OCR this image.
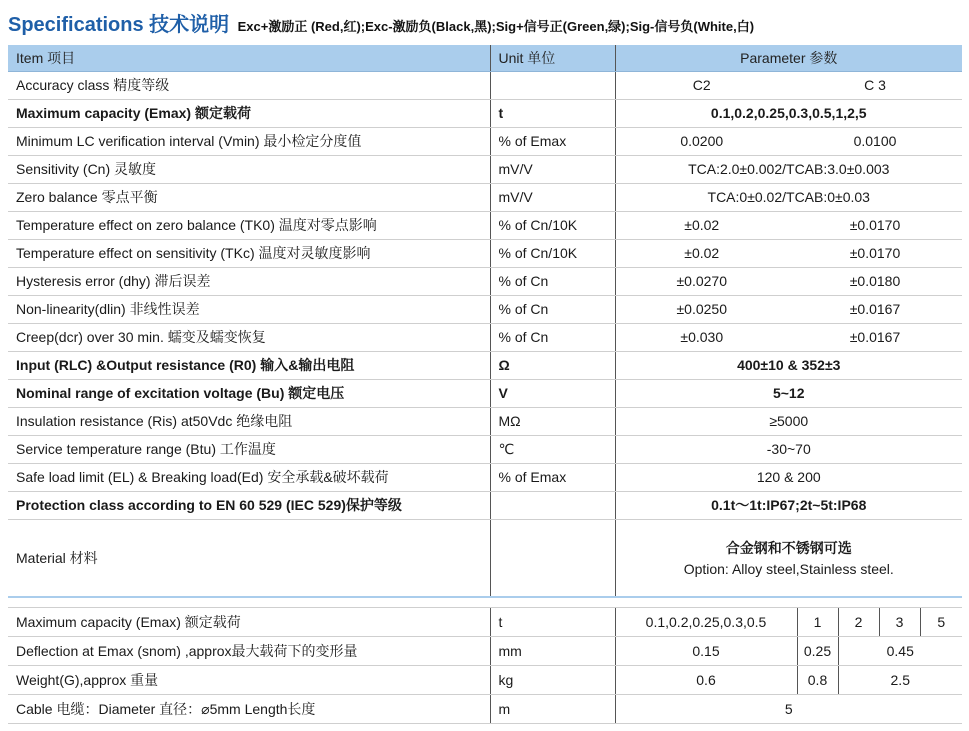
Specifications 技术说明 Exc+激励正 (Red,红);Exc-激励负(Black,黑);Sig+信号正(Green,绿);Sig-信号负(White,白)
Item 项目	Unit 单位	Parameter 参数	
Accuracy class 精度等级		C2	C 3
Maximum capacity (Emax) 额定载荷	t	0.1,0.2,0.25,0.3,0.5,1,2,5	
Minimum LC verification interval (Vmin) 最小检定分度值	% of Emax	0.0200	0.0100
Sensitivity (Cn) 灵敏度	mV/V	TCA:2.0±0.002/TCAB:3.0±0.003	
Zero balance 零点平衡	mV/V	TCA:0±0.02/TCAB:0±0.03	
Temperature effect on zero balance (TK0) 温度对零点影响	% of Cn/10K	±0.02	±0.0170
Temperature effect on sensitivity (TKc) 温度对灵敏度影响	% of Cn/10K	±0.02	±0.0170
Hysteresis error (dhy) 滞后误差	% of Cn	±0.0270	±0.0180
Non-linearity(dlin) 非线性误差	% of Cn	±0.0250	±0.0167
Creep(dcr) over 30 min. 蠕变及蠕变恢复	% of Cn	±0.030	±0.0167
Input (RLC) &Output resistance (R0) 输入&输出电阻	Ω	400±10 & 352±3	
Nominal range of excitation voltage (Bu) 额定电压	V	5~12	
Insulation resistance (Ris) at50Vdc 绝缘电阻	MΩ	≥5000	
Service temperature range (Btu) 工作温度	℃	-30~70	
Safe load limit (EL) & Breaking load(Ed) 安全承载&破坏载荷	% of Emax	120 & 200	
Protection class according to EN 60 529 (IEC 529)保护等级		0.1t～1t:IP67;2t~5t:IP68	
Material 材料		合金钢和不锈钢可选
Option: Alloy steel,Stainless steel.	
Maximum capacity (Emax) 额定载荷	t	0.1,0.2,0.25,0.3,0.5	1	2	3	5
Deflection at Emax (snom) ,approx最大载荷下的变形量	mm	0.15	0.25	0.45		
Weight(G),approx 重量	kg	0.6	0.8	2.5		
Cable 电缆：Diameter 直径：⌀5mm Length长度	m	5				
